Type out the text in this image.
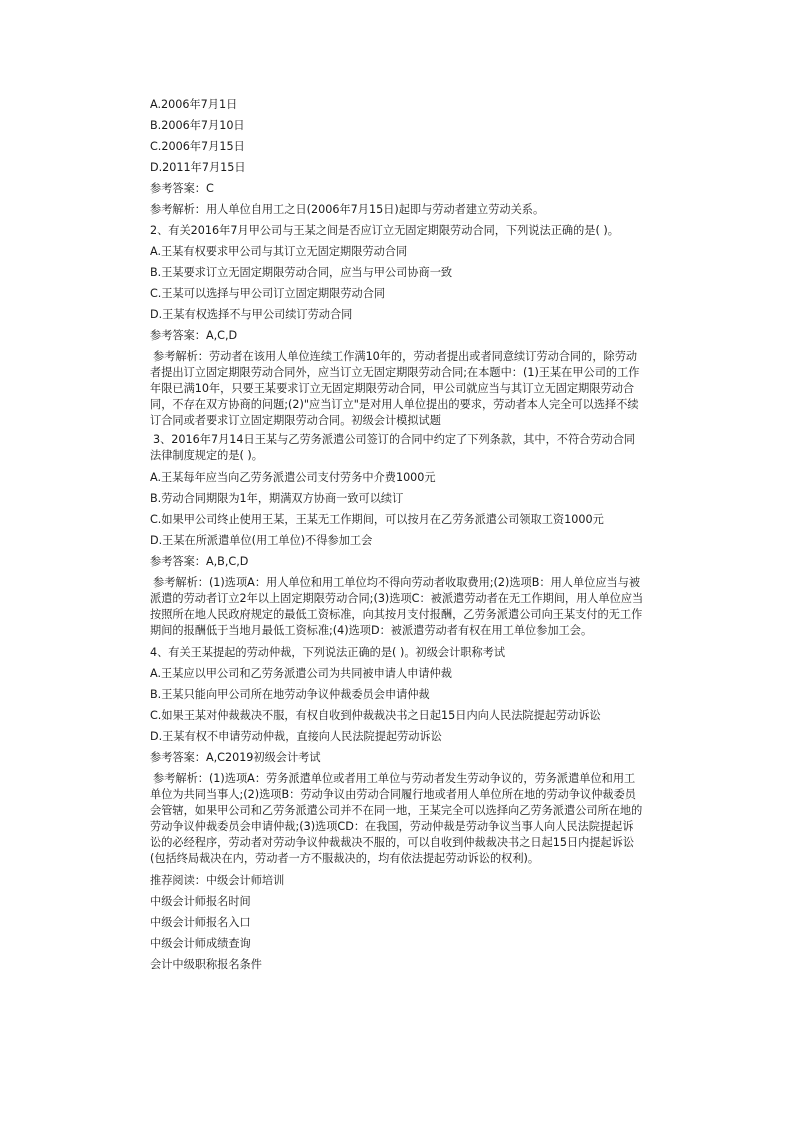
A.2006年7月1日
B.2006年7月10日
C.2006年7月15日
D.2011年7月15日
参考答案：C
参考解析：用人单位自用工之日(2006年7月15日)起即与劳动者建立劳动关系。
2、有关2016年7月甲公司与王某之间是否应订立无固定期限劳动合同，下列说法正确的是( )。
A.王某有权要求甲公司与其订立无固定期限劳动合同
B.王某要求订立无固定期限劳动合同，应当与甲公司协商一致
C.王某可以选择与甲公司订立固定期限劳动合同
D.王某有权选择不与甲公司续订劳动合同
参考答案：A,C,D
参考解析：劳动者在该用人单位连续工作满10年的，劳动者提出或者同意续订劳动合同的，除劳动者提出订立固定期限劳动合同外，应当订立无固定期限劳动合同;在本题中：(1)王某在甲公司的工作年限已满10年，只要王某要求订立无固定期限劳动合同，甲公司就应当与其订立无固定期限劳动合同，不存在双方协商的问题;(2)"应当订立"是对用人单位提出的要求，劳动者本人完全可以选择不续订合同或者要求订立固定期限劳动合同。初级会计模拟试题
3、2016年7月14日王某与乙劳务派遣公司签订的合同中约定了下列条款，其中，不符合劳动合同法律制度规定的是( )。
A.王某每年应当向乙劳务派遣公司支付劳务中介费1000元
B.劳动合同期限为1年，期满双方协商一致可以续订
C.如果甲公司终止使用王某，王某无工作期间，可以按月在乙劳务派遣公司领取工资1000元
D.王某在所派遣单位(用工单位)不得参加工会
参考答案：A,B,C,D
参考解析：(1)选项A：用人单位和用工单位均不得向劳动者收取费用;(2)选项B：用人单位应当与被派遣的劳动者订立2年以上固定期限劳动合同;(3)选项C：被派遣劳动者在无工作期间，用人单位应当按照所在地人民政府规定的最低工资标准，向其按月支付报酬，乙劳务派遣公司向王某支付的无工作期间的报酬低于当地月最低工资标准;(4)选项D：被派遣劳动者有权在用工单位参加工会。
4、有关王某提起的劳动仲裁，下列说法正确的是( )。初级会计职称考试
A.王某应以甲公司和乙劳务派遣公司为共同被申请人申请仲裁
B.王某只能向甲公司所在地劳动争议仲裁委员会申请仲裁
C.如果王某对仲裁裁决不服，有权自收到仲裁裁决书之日起15日内向人民法院提起劳动诉讼
D.王某有权不申请劳动仲裁，直接向人民法院提起劳动诉讼
参考答案：A,C2019初级会计考试
参考解析：(1)选项A：劳务派遣单位或者用工单位与劳动者发生劳动争议的，劳务派遣单位和用工单位为共同当事人;(2)选项B：劳动争议由劳动合同履行地或者用人单位所在地的劳动争议仲裁委员会管辖，如果甲公司和乙劳务派遣公司并不在同一地，王某完全可以选择向乙劳务派遣公司所在地的劳动争议仲裁委员会申请仲裁;(3)选项CD：在我国，劳动仲裁是劳动争议当事人向人民法院提起诉讼的必经程序，劳动者对劳动争议仲裁裁决不服的，可以自收到仲裁裁决书之日起15日内提起诉讼(包括终局裁决在内，劳动者一方不服裁决的，均有依法提起劳动诉讼的权利)。
推荐阅读：中级会计师培训
中级会计师报名时间
中级会计师报名入口
中级会计师成绩查询
会计中级职称报名条件
